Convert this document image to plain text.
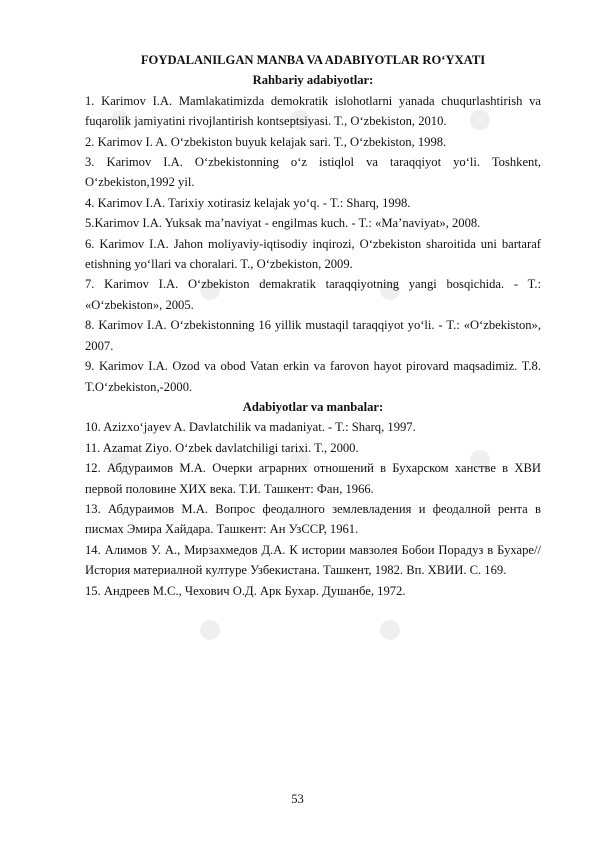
FOYDALANILGAN MANBA VA ADABIYOTLAR RO‘YXATI

Rahbariy adabiyotlar:

1. Karimov I.A. Mamlakatimizda demokratik islohotlarni yanada chuqurlashtirish va fuqarolik jamiyatini rivojlantirish kontseptsiyasi. T., O‘zbekiston, 2010.
2. Karimov I. A. O‘zbekiston buyuk kelajak sari. T., O‘zbekiston, 1998.
3. Karimov I.A. O‘zbekistonning o‘z istiqlol va taraqqiyot yo‘li. Toshkent, O‘zbekiston,1992 yil.
4. Karimov I.A. Tarixiy xotirasiz kelajak yo‘q. - T.: Sharq, 1998.
5.Karimov I.A. Yuksak ma’naviyat - engilmas kuch. - T.: «Ma’naviyat», 2008.
6. Karimov I.A. Jahon moliyaviy-iqtisodiy inqirozi, O‘zbekiston sharoitida uni bartaraf etishning yo‘llari va choralari. T., O‘zbekiston, 2009.
7. Karimov I.A. O‘zbekiston demakratik taraqqiyotning yangi bosqichida. - T.: «O‘zbekiston», 2005.
8. Karimov I.A. O‘zbekistonning 16 yillik mustaqil taraqqiyot yo‘li. - T.: «O‘zbekiston», 2007.
9. Karimov I.A. Ozod va obod Vatan erkin va farovon hayot pirovard maqsadimiz. T.8. T.O‘zbekiston,-2000.

Adabiyotlar va manbalar:

10. Azizxo‘jayev A. Davlatchilik va madaniyat. - T.: Sharq, 1997.
11. Azamat Ziyo. O‘zbek davlatchiligi tarixi. T., 2000.
12. Абдураимов М.А. Очерки аграрних отношений в Бухарском ханстве в ХВИ первой половине ХИХ века. Т.И. Ташкент: Фан, 1966.
13. Абдураимов М.А. Вопрос феодалного землевладения и феодалной рента в писмах Эмира Хайдара. Ташкент: Ан УзССР, 1961.
14. Алимов У. А., Мирзахмедов Д.А. К истории мавзолея Бобои Порадуз в Бухаре// История материалной културе Узбекистана. Ташкент, 1982. Вп. ХВИИ. С. 169.
15. Андреев М.С., Чехович О.Д. Арк Бухар. Душанбе, 1972.
53
